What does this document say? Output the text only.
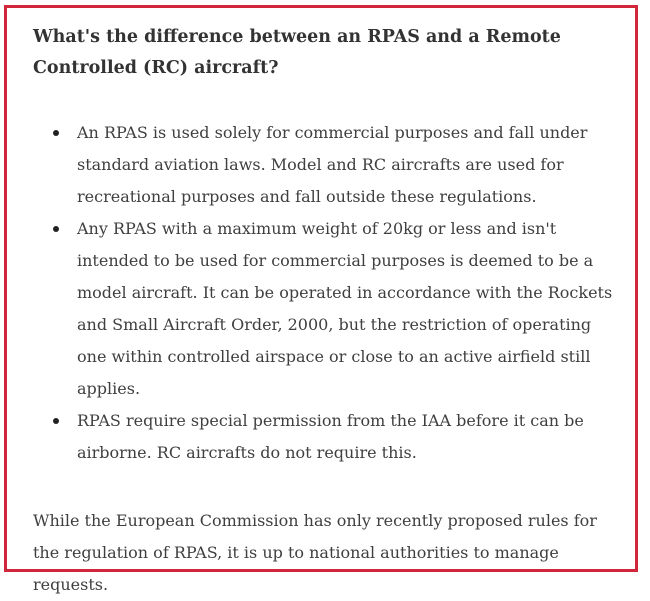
What's the difference between an RPAS and a Remote Controlled (RC) aircraft?
An RPAS is used solely for commercial purposes and fall under standard aviation laws. Model and RC aircrafts are used for recreational purposes and fall outside these regulations.
Any RPAS with a maximum weight of 20kg or less and isn't intended to be used for commercial purposes is deemed to be a model aircraft. It can be operated in accordance with the Rockets and Small Aircraft Order, 2000, but the restriction of operating one within controlled airspace or close to an active airfield still applies.
RPAS require special permission from the IAA before it can be airborne. RC aircrafts do not require this.

While the European Commission has only recently proposed rules for the regulation of RPAS, it is up to national authorities to manage requests.
